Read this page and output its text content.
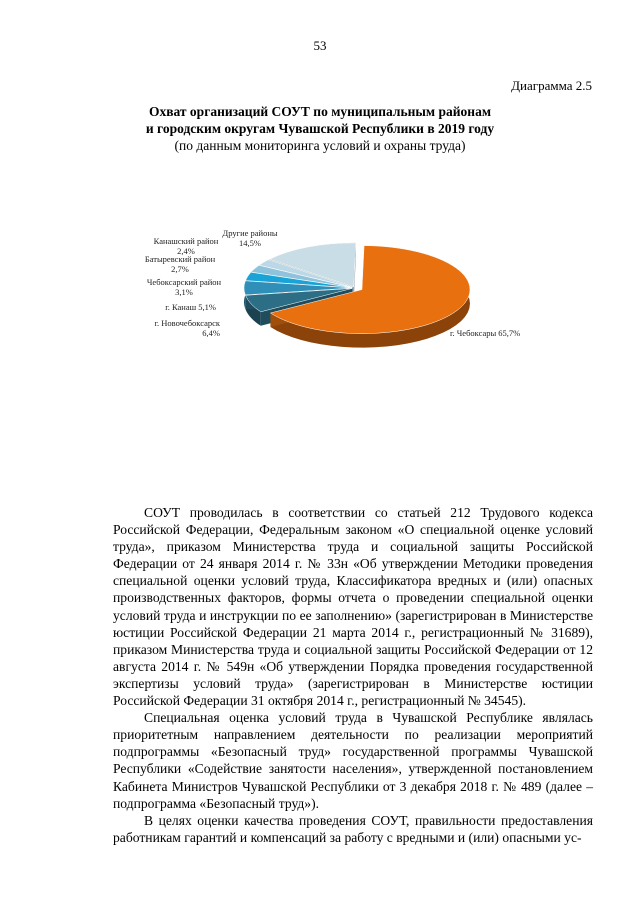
53
Диаграмма 2.5
Охват организаций СОУТ по муниципальным районам
и городским округам Чувашской Республики в 2019 году
(по данным мониторинга условий и охраны труда)
г. Чебоксары 65,7%
г. Новочебоксарск 6,4%
г. Канаш 5,1%
Чебоксарский район 3,1%
Батыревский район 2,7%
Канашский район 2,4%
Другие районы 14,5%

СОУТ проводилась в соответствии со статьей 212 Трудового кодекса Российской Федерации, Федеральным законом «О специальной оценке условий труда», приказом Министерства труда и социальной защиты Российской Федерации от 24 января 2014 г. № 33н «Об утверждении Методики проведения специальной оценки условий труда, Классификатора вредных и (или) опасных производственных факторов, формы отчета о проведении специальной оценки условий труда и инструкции по ее заполнению» (зарегистрирован в Министерстве юстиции Российской Федерации 21 марта 2014 г., регистрационный № 31689), приказом Министерства труда и социальной защиты Российской Федерации от 12 августа 2014 г. № 549н «Об утверждении Порядка проведения государственной экспертизы условий труда» (зарегистрирован в Министерстве юстиции Российской Федерации 31 октября 2014 г., регистрационный № 34545).

Специальная оценка условий труда в Чувашской Республике являлась приоритетным направлением деятельности по реализации мероприятий подпрограммы «Безопасный труд» государственной программы Чувашской Республики «Содействие занятости населения», утвержденной постановлением Кабинета Министров Чувашской Республики от 3 декабря 2018 г. № 489 (далее – подпрограмма «Безопасный труд»).

В целях оценки качества проведения СОУТ, правильности предоставления работникам гарантий и компенсаций за работу с вредными и (или) опасными ус-
